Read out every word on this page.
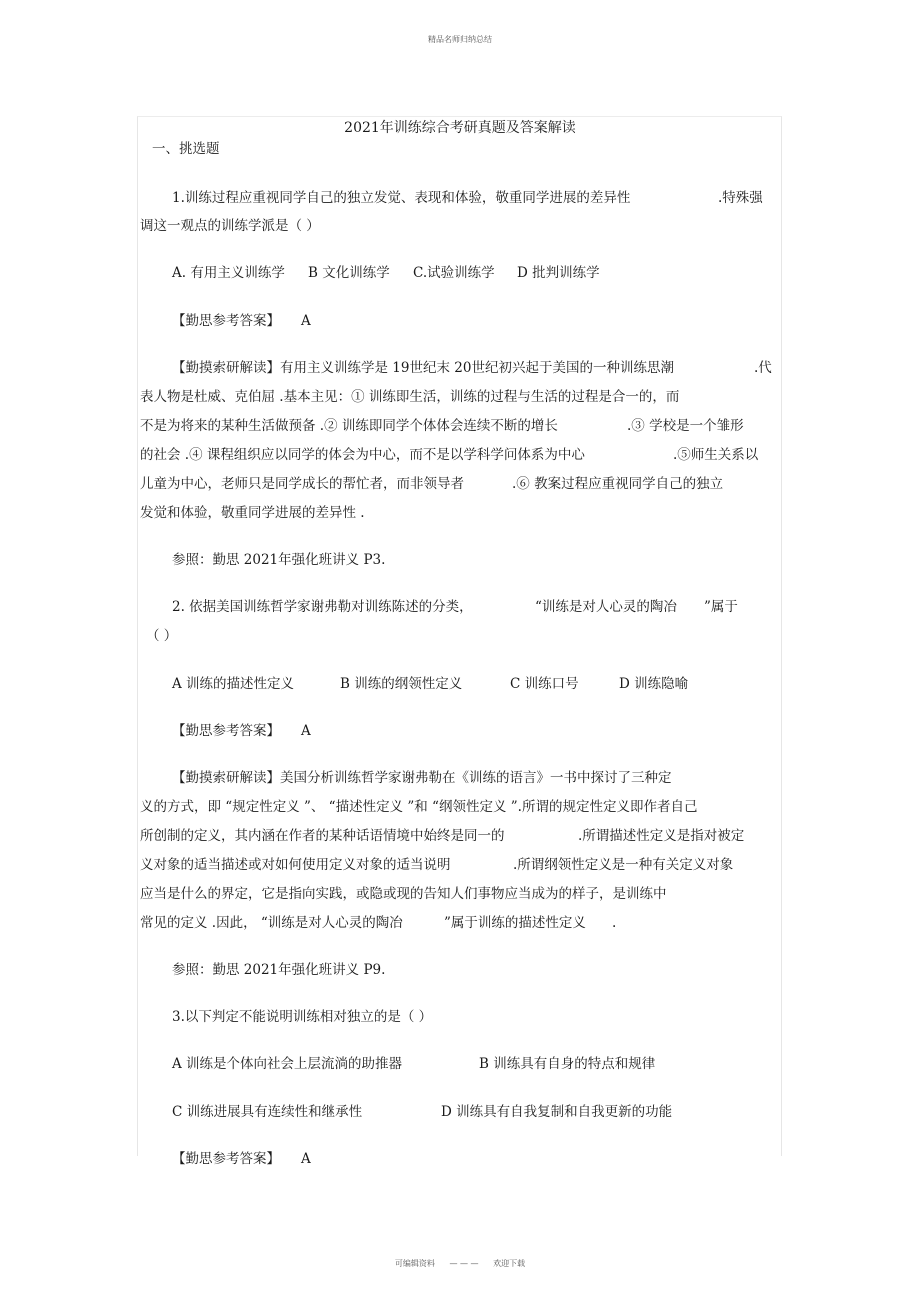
精品名师归纳总结
2021年训练综合考研真题及答案解读
一、挑选题
1.训练过程应重视同学自己的独立发觉、表现和体验，敬重同学进展的差异性	.特殊强
调这一观点的训练学派是（ ）
A. 有用主义训练学 B 文化训练学 C.试验训练学 D 批判训练学
【勤思参考答案】 A
【勤摸索研解读】有用主义训练学是 19世纪末 20世纪初兴起于美国的一种训练思潮	.代
表人物是杜威、克伯屈 .基本主见：① 训练即生活，训练的过程与生活的过程是合一的，而
不是为将来的某种生活做预备 .② 训练即同学个体体会连续不断的增长	.③ 学校是一个雏形
的社会 .④ 课程组织应以同学的体会为中心，而不是以学科学问体系为中心	.⑤师生关系以
儿童为中心，老师只是同学成长的帮忙者，而非领导者	.⑥ 教案过程应重视同学自己的独立
发觉和体验，敬重同学进展的差异性 .
参照：勤思 2021年强化班讲义 P3.
2. 依据美国训练哲学家谢弗勒对训练陈述的分类，	“训练是对人心灵的陶冶 ”属于
（ ）
A 训练的描述性定义	B 训练的纲领性定义	C 训练口号	D 训练隐喻
【勤思参考答案】 A
【勤摸索研解读】美国分析训练哲学家谢弗勒在《训练的语言》一书中探讨了三种定
义的方式，即 “规定性定义 ”、 “描述性定义 ”和 “纲领性定义 ”.所谓的规定性定义即作者自己
所创制的定义，其内涵在作者的某种话语情境中始终是同一的	.所谓描述性定义是指对被定
义对象的适当描述或对如何使用定义对象的适当说明	.所谓纲领性定义是一种有关定义对象
应当是什么的界定，它是指向实践，或隐或现的告知人们事物应当成为的样子，是训练中
常见的定义 .因此， “训练是对人心灵的陶冶	”属于训练的描述性定义 .
参照：勤思 2021年强化班讲义 P9.
3.以下判定不能说明训练相对独立的是（ ）
A 训练是个体向社会上层流淌的助推器	B 训练具有自身的特点和规律
C 训练进展具有连续性和继承性	D 训练具有自我复制和自我更新的功能
【勤思参考答案】 A
可编辑资料 — — — 欢迎下载
